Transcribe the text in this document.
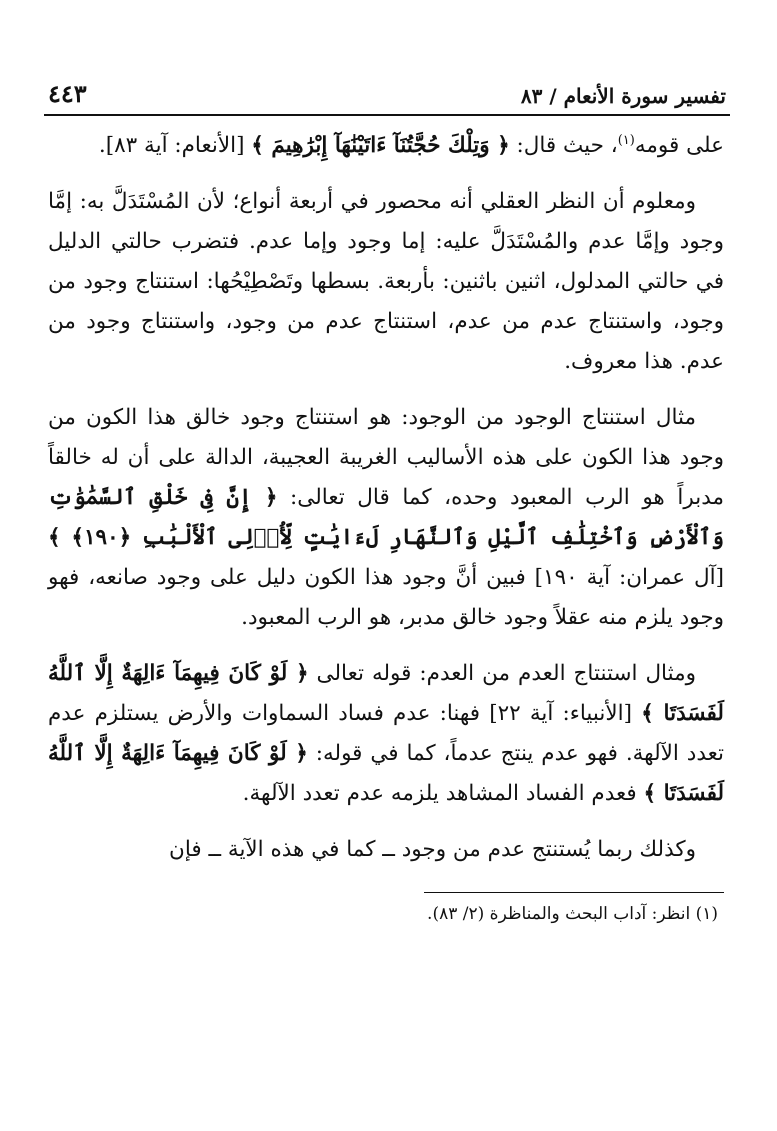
تفسير سورة الأنعام / ٨٣
٤٤٣

على قومه$^{(١)}$، حيث قال: ﴿ وَتِلْكَ حُجَّتُنَآ ءَاتَيْنَٰهَآ إِبْرَٰهِيمَ ﴾ [الأنعام: آية ٨٣].

ومعلوم أن النظر العقلي أنه محصور في أربعة أنواع؛ لأن المُسْتَدَلَّ به: إمَّا وجود وإمَّا عدم والمُسْتَدَلَّ عليه: إما وجود وإما عدم. فتضرب حالتي الدليل في حالتي المدلول، اثنين باثنين: بأربعة. بسطها وتَصْطِيْحُها: استنتاج وجود من وجود، واستنتاج عدم من عدم، استنتاج عدم من وجود، واستنتاج وجود من عدم. هذا معروف.

مثال استنتاج الوجود من الوجود: هو استنتاج وجود خالق هذا الكون من وجود هذا الكون على هذه الأساليب الغريبة العجيبة، الدالة على أن له خالقاً مدبراً هو الرب المعبود وحده، كما قال تعالى: ﴿ إِنَّ فِى خَلْقِ ٱلسَّمَٰوَٰتِ وَٱلْأَرْضِ وَٱخْتِلَٰفِ ٱلَّيْلِ وَٱلنَّهَارِ لَءَايَٰتٍ لِّأُو۟لِى ٱلْأَلْبَٰبِ ﴿١٩٠﴾ ﴾ [آل عمران: آية ١٩٠] فبين أنَّ وجود هذا الكون دليل على وجود صانعه، فهو وجود يلزم منه عقلاً وجود خالق مدبر، هو الرب المعبود.

ومثال استنتاج العدم من العدم: قوله تعالى ﴿ لَوْ كَانَ فِيهِمَآ ءَالِهَةٌ إِلَّا ٱللَّهُ لَفَسَدَتَا ﴾ [الأنبياء: آية ٢٢] فهنا: عدم فساد السماوات والأرض يستلزم عدم تعدد الآلهة. فهو عدم ينتج عدماً، كما في قوله: ﴿ لَوْ كَانَ فِيهِمَآ ءَالِهَةٌ إِلَّا ٱللَّهُ لَفَسَدَتَا ﴾ فعدم الفساد المشاهد يلزمه عدم تعدد الآلهة.

وكذلك ربما يُستنتج عدم من وجود ــ كما في هذه الآية ــ فإن

(١) انظر: آداب البحث والمناظرة (٢/ ٨٣).
